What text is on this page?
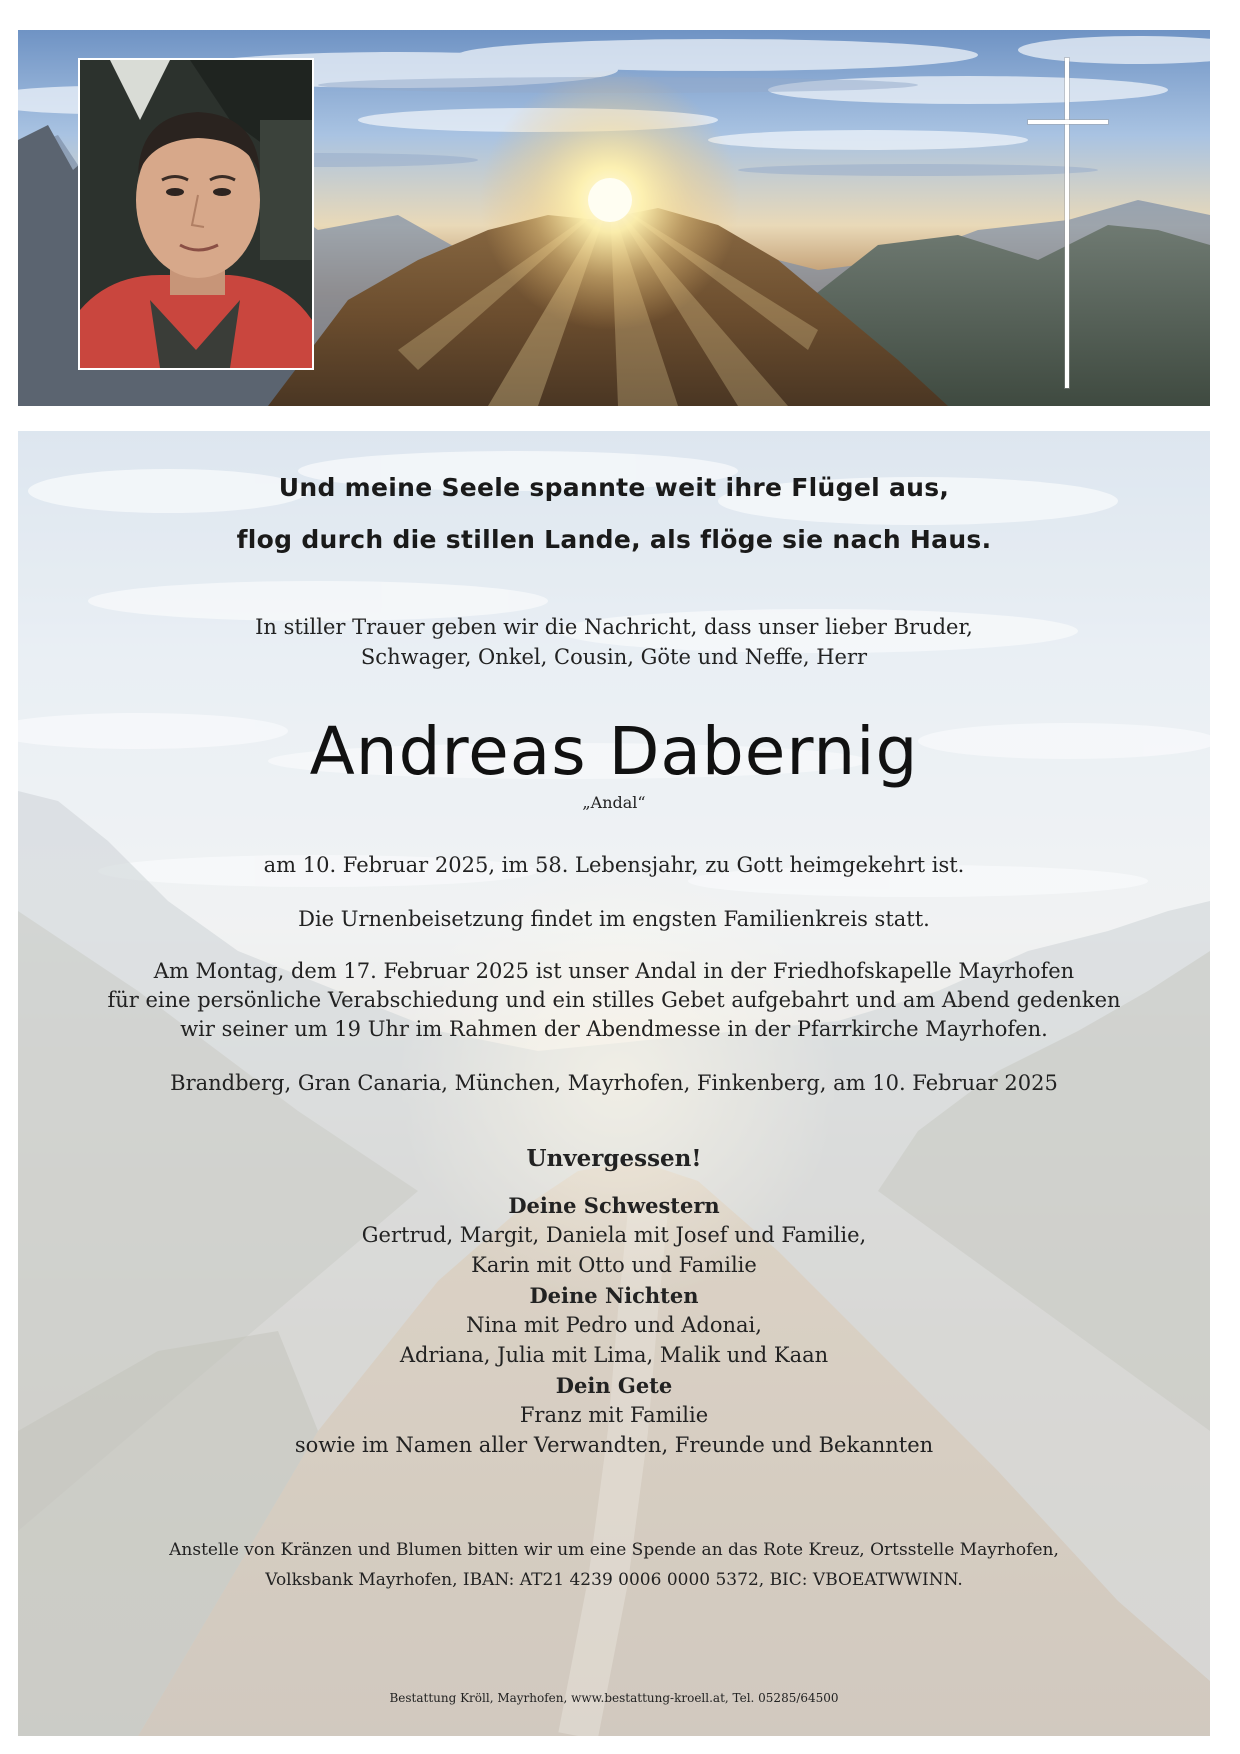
Und meine Seele spannte weit ihre Flügel aus,
flog durch die stillen Lande, als flöge sie nach Haus.
In stiller Trauer geben wir die Nachricht, dass unser lieber Bruder,
Schwager, Onkel, Cousin, Göte und Neffe, Herr
Andreas Dabernig
„Andal“
am 10. Februar 2025, im 58. Lebensjahr, zu Gott heimgekehrt ist.
Die Urnenbeisetzung findet im engsten Familienkreis statt.
Am Montag, dem 17. Februar 2025 ist unser Andal in der Friedhofskapelle Mayrhofen
für eine persönliche Verabschiedung und ein stilles Gebet aufgebahrt und am Abend gedenken
wir seiner um 19 Uhr im Rahmen der Abendmesse in der Pfarrkirche Mayrhofen.
Brandberg, Gran Canaria, München, Mayrhofen, Finkenberg, am 10. Februar 2025
Unvergessen!
Deine Schwestern
Gertrud, Margit, Daniela mit Josef und Familie,
Karin mit Otto und Familie
Deine Nichten
Nina mit Pedro und Adonai,
Adriana, Julia mit Lima, Malik und Kaan
Dein Gete
Franz mit Familie
sowie im Namen aller Verwandten, Freunde und Bekannten
Anstelle von Kränzen und Blumen bitten wir um eine Spende an das Rote Kreuz, Ortsstelle Mayrhofen,
Volksbank Mayrhofen, IBAN: AT21 4239 0006 0000 5372, BIC: VBOEATWWINN.
Bestattung Kröll, Mayrhofen, www.bestattung-kroell.at, Tel. 05285/64500
